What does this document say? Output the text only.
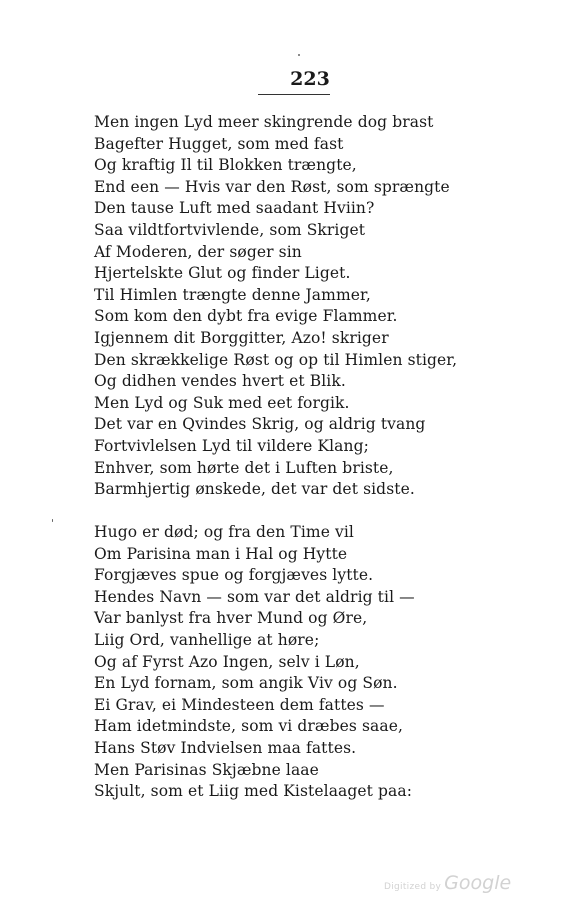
223
Men ingen Lyd meer skingrende dog brast
Bagefter Hugget, som med fast
Og kraftig Il til Blokken trængte,
End een — Hvis var den Røst, som sprængte
Den tause Luft med saadant Hviin?
Saa vildtfortvivlende, som Skriget
Af Moderen, der søger sin
Hjertelskte Glut og finder Liget.
Til Himlen trængte denne Jammer,
Som kom den dybt fra evige Flammer.
Igjennem dit Borggitter, Azo! skriger
Den skrækkelige Røst og op til Himlen stiger,
Og didhen vendes hvert et Blik.
Men Lyd og Suk med eet forgik.
Det var en Qvindes Skrig, og aldrig tvang
Fortvivlelsen Lyd til vildere Klang;
Enhver, som hørte det i Luften briste,
Barmhjertig ønskede, det var det sidste.
Hugo er død; og fra den Time vil
Om Parisina man i Hal og Hytte
Forgjæves spue og forgjæves lytte.
Hendes Navn — som var det aldrig til —
Var banlyst fra hver Mund og Øre,
Liig Ord, vanhellige at høre;
Og af Fyrst Azo Ingen, selv i Løn,
En Lyd fornam, som angik Viv og Søn.
Ei Grav, ei Mindesteen dem fattes —
Ham idetmindste, som vi dræbes saae,
Hans Støv Indvielsen maa fattes.
Men Parisinas Skjæbne laae
Skjult, som et Liig med Kistelaaget paa:
Digitized by Google
